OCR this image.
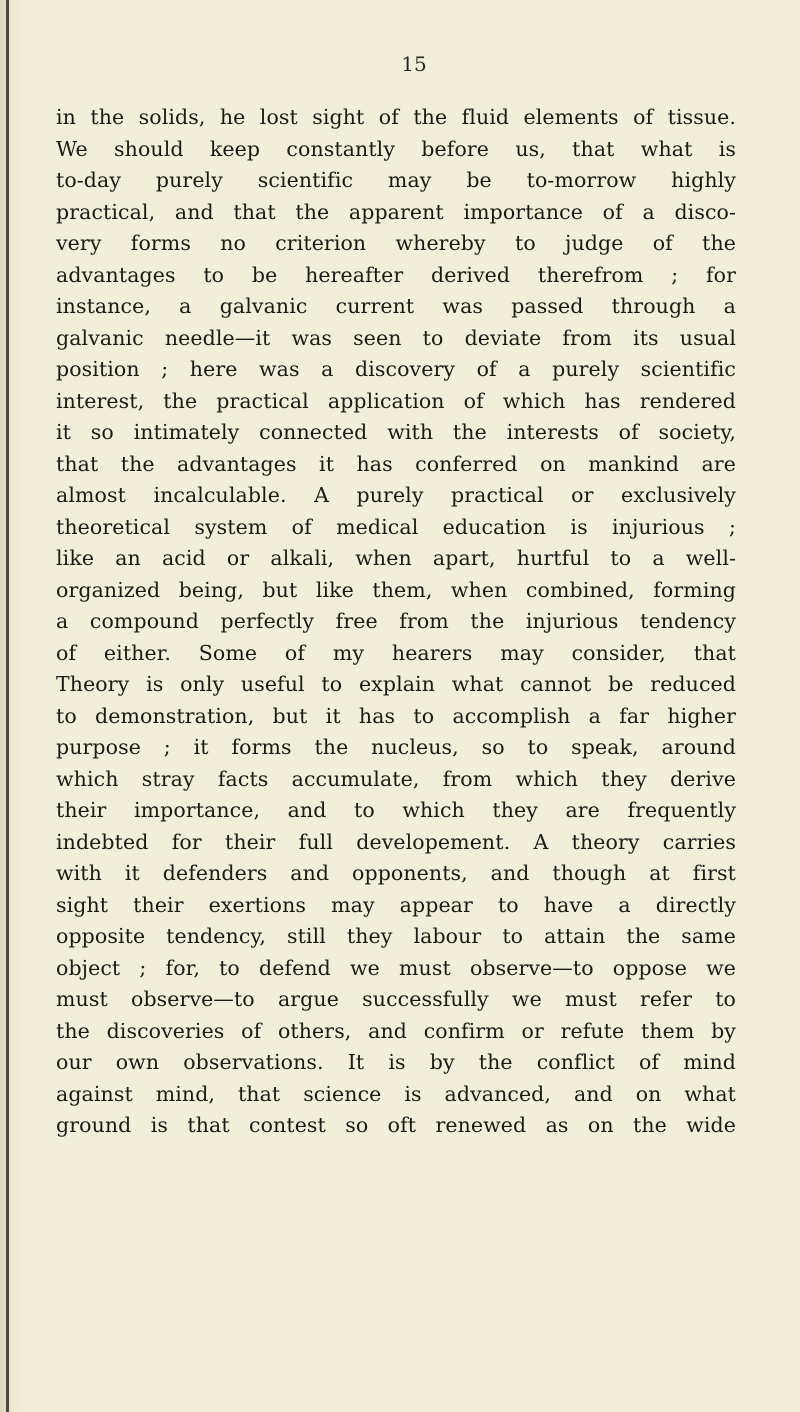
15
in the solids, he lost sight of the fluid elements of tissue.
We should keep constantly before us, that what is
to-day purely scientific may be to-morrow highly
practical, and that the apparent importance of a disco-
very forms no criterion whereby to judge of the
advantages to be hereafter derived therefrom ; for
instance, a galvanic current was passed through a
galvanic needle—it was seen to deviate from its usual
position ; here was a discovery of a purely scientific
interest, the practical application of which has rendered
it so intimately connected with the interests of society,
that the advantages it has conferred on mankind are
almost incalculable. A purely practical or exclusively
theoretical system of medical education is injurious ;
like an acid or alkali, when apart, hurtful to a well-
organized being, but like them, when combined, forming
a compound perfectly free from the injurious tendency
of either. Some of my hearers may consider, that
Theory is only useful to explain what cannot be reduced
to demonstration, but it has to accomplish a far higher
purpose ; it forms the nucleus, so to speak, around
which stray facts accumulate, from which they derive
their importance, and to which they are frequently
indebted for their full developement. A theory carries
with it defenders and opponents, and though at first
sight their exertions may appear to have a directly
opposite tendency, still they labour to attain the same
object ; for, to defend we must observe—to oppose we
must observe—to argue successfully we must refer to
the discoveries of others, and confirm or refute them by
our own observations. It is by the conflict of mind
against mind, that science is advanced, and on what
ground is that contest so oft renewed as on the wide
